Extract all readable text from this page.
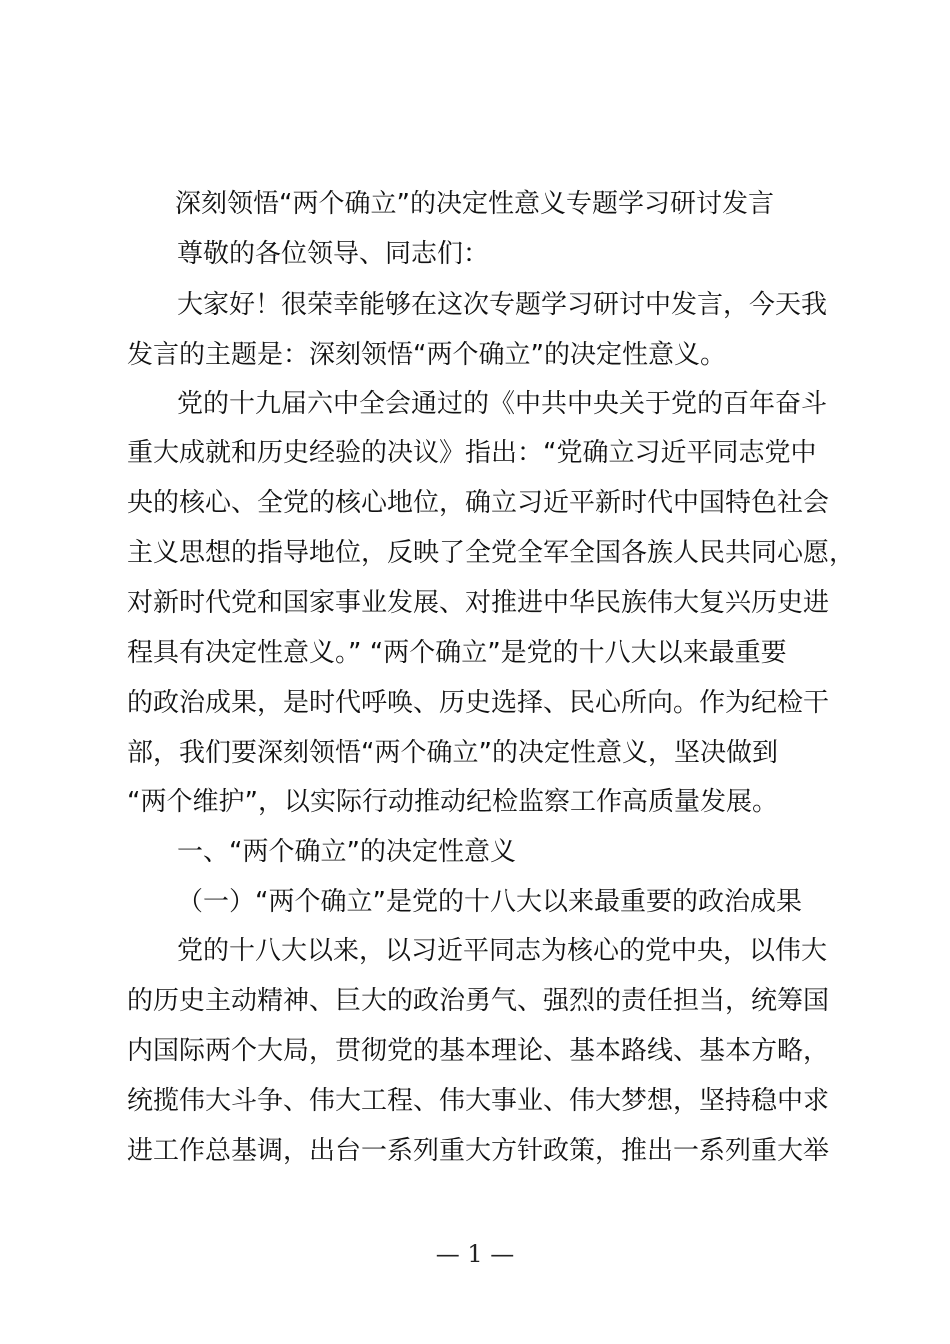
深刻领悟“两个确立”的决定性意义专题学习研讨发言
尊敬的各位领导、同志们：
大家好！很荣幸能够在这次专题学习研讨中发言，今天我
发言的主题是：深刻领悟“两个确立”的决定性意义。
党的十九届六中全会通过的《中共中央关于党的百年奋斗
重大成就和历史经验的决议》指出：“党确立习近平同志党中
央的核心、全党的核心地位，确立习近平新时代中国特色社会
主义思想的指导地位，反映了全党全军全国各族人民共同心愿，
对新时代党和国家事业发展、对推进中华民族伟大复兴历史进
程具有决定性意义。” “两个确立”是党的十八大以来最重要
的政治成果，是时代呼唤、历史选择、民心所向。作为纪检干
部，我们要深刻领悟“两个确立”的决定性意义，坚决做到
“两个维护”，以实际行动推动纪检监察工作高质量发展。
一、“两个确立”的决定性意义
（一）“两个确立”是党的十八大以来最重要的政治成果
党的十八大以来，以习近平同志为核心的党中央，以伟大
的历史主动精神、巨大的政治勇气、强烈的责任担当，统筹国
内国际两个大局，贯彻党的基本理论、基本路线、基本方略，
统揽伟大斗争、伟大工程、伟大事业、伟大梦想，坚持稳中求
进工作总基调，出台一系列重大方针政策，推出一系列重大举
— 1 —
